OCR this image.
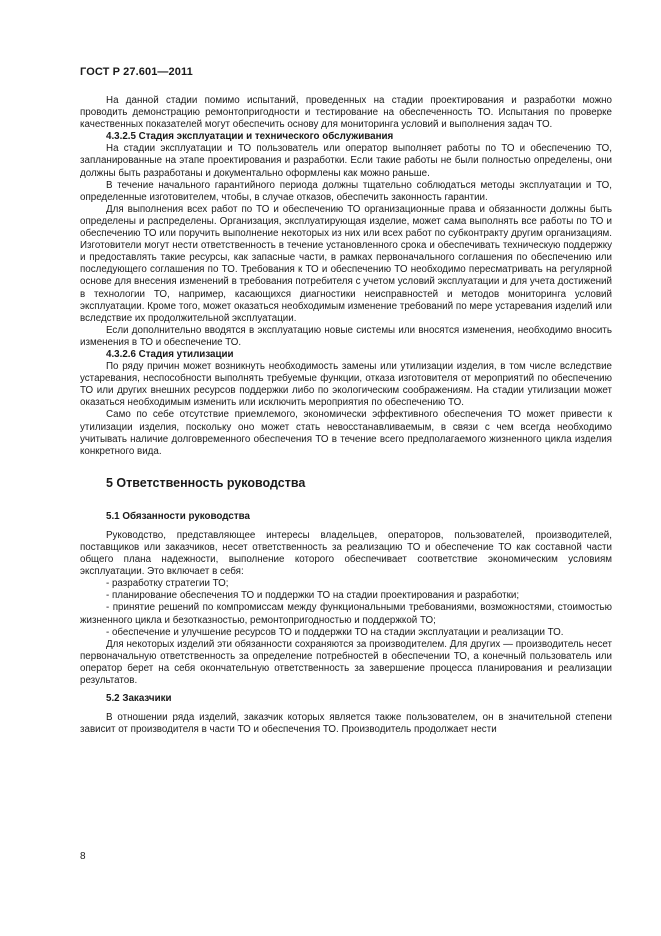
ГОСТ Р 27.601—2011

На данной стадии помимо испытаний, проведенных на стадии проектирования и разработки можно проводить демонстрацию ремонтопригодности и тестирование на обеспеченность ТО. Испытания по проверке качественных показателей могут обеспечить основу для мониторинга условий и выполнения задач ТО.

4.3.2.5 Стадия эксплуатации и технического обслуживания

На стадии эксплуатации и ТО пользователь или оператор выполняет работы по ТО и обеспечению ТО, запланированные на этапе проектирования и разработки. Если такие работы не были полностью определены, они должны быть разработаны и документально оформлены как можно раньше.

В течение начального гарантийного периода должны тщательно соблюдаться методы эксплуатации и ТО, определенные изготовителем, чтобы, в случае отказов, обеспечить законность гарантии.

Для выполнения всех работ по ТО и обеспечению ТО организационные права и обязанности должны быть определены и распределены. Организация, эксплуатирующая изделие, может сама выполнять все работы по ТО и обеспечению ТО или поручить выполнение некоторых из них или всех работ по субконтракту другим организациям. Изготовители могут нести ответственность в течение установленного срока и обеспечивать техническую поддержку и предоставлять такие ресурсы, как запасные части, в рамках первоначального соглашения по обеспечению или последующего соглашения по ТО. Требования к ТО и обеспечению ТО необходимо пересматривать на регулярной основе для внесения изменений в требования потребителя с учетом условий эксплуатации и для учета достижений в технологии ТО, например, касающихся диагностики неисправностей и методов мониторинга условий эксплуатации. Кроме того, может оказаться необходимым изменение требований по мере устаревания изделий или вследствие их продолжительной эксплуатации.

Если дополнительно вводятся в эксплуатацию новые системы или вносятся изменения, необходимо вносить изменения в ТО и обеспечение ТО.

4.3.2.6 Стадия утилизации

По ряду причин может возникнуть необходимость замены или утилизации изделия, в том числе вследствие устаревания, неспособности выполнять требуемые функции, отказа изготовителя от мероприятий по обеспечению ТО или других внешних ресурсов поддержки либо по экологическим соображениям. На стадии утилизации может оказаться необходимым изменить или исключить мероприятия по обеспечению ТО.

Само по себе отсутствие приемлемого, экономически эффективного обеспечения ТО может привести к утилизации изделия, поскольку оно может стать невосстанавливаемым, в связи с чем всегда необходимо учитывать наличие долговременного обеспечения ТО в течение всего предполагаемого жизненного цикла изделия конкретного вида.

5 Ответственность руководства
5.1 Обязанности руководства

Руководство, представляющее интересы владельцев, операторов, пользователей, производителей, поставщиков или заказчиков, несет ответственность за реализацию ТО и обеспечение ТО как составной части общего плана надежности, выполнение которого обеспечивает соответствие экономическим условиям эксплуатации. Это включает в себя:

- разработку стратегии ТО;

- планирование обеспечения ТО и поддержки ТО на стадии проектирования и разработки;

- принятие решений по компромиссам между функциональными требованиями, возможностями, стоимостью жизненного цикла и безотказностью, ремонтопригодностью и поддержкой ТО;

- обеспечение и улучшение ресурсов ТО и поддержки ТО на стадии эксплуатации и реализации ТО.

Для некоторых изделий эти обязанности сохраняются за производителем. Для других — производитель несет первоначальную ответственность за определение потребностей в обеспечении ТО, а конечный пользователь или оператор берет на себя окончательную ответственность за завершение процесса планирования и реализации результатов.

5.2 Заказчики

В отношении ряда изделий, заказчик которых является также пользователем, он в значительной степени зависит от производителя в части ТО и обеспечения ТО. Производитель продолжает нести

8
